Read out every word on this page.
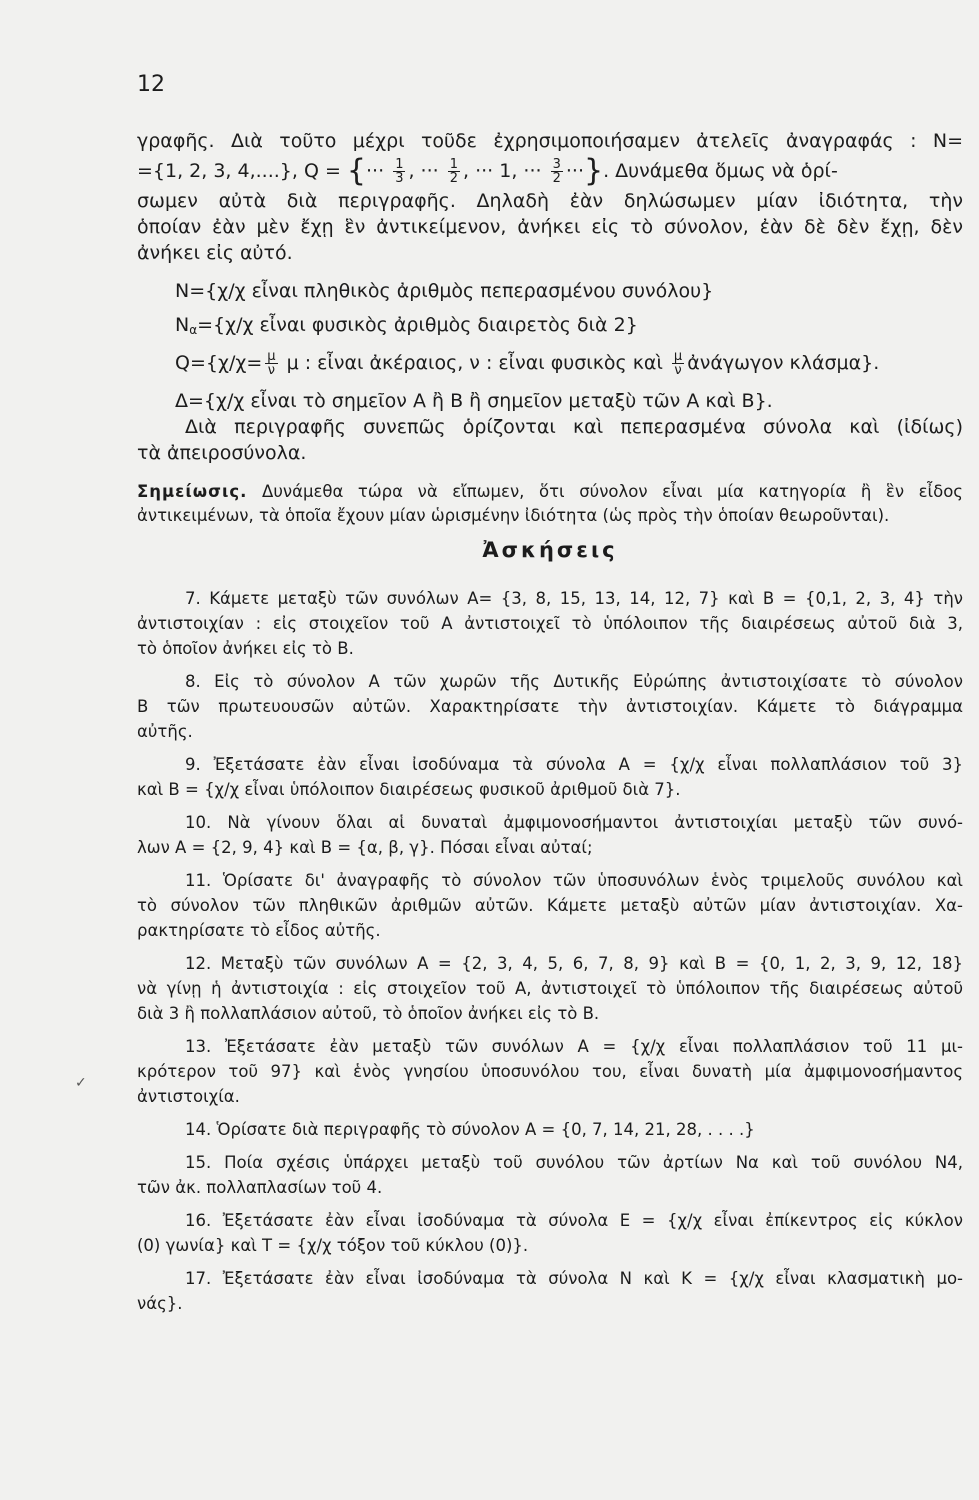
12
γραφῆς. Διὰ τοῦτο μέχρι τοῦδε ἐχρησιμοποιήσαμεν ἀτελεῖς ἀναγραφάς : N=
={1, 2, 3, 4,....}, Q = {··· $\frac{1}{3}$ , ··· $\frac{1}{2}$ , ··· 1, ··· $\frac{3}{2}$ ···}. Δυνάμεθα ὅμως νὰ ὁρί-
σωμεν αὐτὰ διὰ περιγραφῆς. Δηλαδὴ ἐὰν δηλώσωμεν μίαν ἰδιότητα, τὴν
ὁποίαν ἐὰν μὲν ἔχῃ ἓν ἀντικείμενον, ἀνήκει εἰς τὸ σύνολον, ἐὰν δὲ δὲν ἔχῃ, δὲν
ἀνήκει εἰς αὐτό.
N={χ/χ εἶναι πληθικὸς ἀριθμὸς πεπερασμένου συνόλου}
$N_\alpha=\{\chi/\chi$ εἶναι φυσικὸς ἀριθμὸς διαιρετὸς διὰ 2}
$Q=\{\chi/\chi= \frac{\mu}{\nu}$ μ : εἶναι ἀκέραιος, ν : εἶναι φυσικὸς καὶ $\frac{\mu}{\nu}$ ἀνάγωγον κλάσμα}.
Δ={χ/χ εἶναι τὸ σημεῖον Α ἢ Β ἢ σημεῖον μεταξὺ τῶν Α καὶ Β}.
Διὰ περιγραφῆς συνεπῶς ὁρίζονται καὶ πεπερασμένα σύνολα καὶ (ἰδίως)
τὰ ἀπειροσύνολα.
Σημείωσις. Δυνάμεθα τώρα νὰ εἴπωμεν, ὅτι σύνολον εἶναι μία κατηγορία ἢ ἓν εἶδος
ἀντικειμένων, τὰ ὁποῖα ἔχουν μίαν ὡρισμένην ἰδιότητα (ὡς πρὸς τὴν ὁποίαν θεωροῦνται).
Ἀσκήσεις
7. Κάμετε μεταξὺ τῶν συνόλων Α= {3, 8, 15, 13, 14, 12, 7} καὶ Β = {0,1, 2, 3, 4} τὴν
ἀντιστοιχίαν : εἰς στοιχεῖον τοῦ Α ἀντιστοιχεῖ τὸ ὑπόλοιπον τῆς διαιρέσεως αὐτοῦ διὰ 3,
τὸ ὁποῖον ἀνήκει εἰς τὸ Β.
8. Εἰς τὸ σύνολον Α τῶν χωρῶν τῆς Δυτικῆς Εὐρώπης ἀντιστοιχίσατε τὸ σύνολον
Β τῶν πρωτευουσῶν αὐτῶν. Χαρακτηρίσατε τὴν ἀντιστοιχίαν. Κάμετε τὸ διάγραμμα
αὐτῆς.
9. Ἐξετάσατε ἐὰν εἶναι ἰσοδύναμα τὰ σύνολα Α = {χ/χ εἶναι πολλαπλάσιον τοῦ 3}
καὶ Β = {χ/χ εἶναι ὑπόλοιπον διαιρέσεως φυσικοῦ ἀριθμοῦ διὰ 7}.
10. Νὰ γίνουν ὅλαι αἱ δυναταὶ ἀμφιμονοσήμαντοι ἀντιστοιχίαι μεταξὺ τῶν συνό-
λων Α = {2, 9, 4} καὶ Β = {α, β, γ}. Πόσαι εἶναι αὐταί;
11. Ὁρίσατε δι' ἀναγραφῆς τὸ σύνολον τῶν ὑποσυνόλων ἑνὸς τριμελοῦς συνόλου καὶ
τὸ σύνολον τῶν πληθικῶν ἀριθμῶν αὐτῶν. Κάμετε μεταξὺ αὐτῶν μίαν ἀντιστοιχίαν. Χα-
ρακτηρίσατε τὸ εἶδος αὐτῆς.
12. Μεταξὺ τῶν συνόλων Α = {2, 3, 4, 5, 6, 7, 8, 9} καὶ Β = {0, 1, 2, 3, 9, 12, 18}
νὰ γίνῃ ἡ ἀντιστοιχία : εἰς στοιχεῖον τοῦ Α, ἀντιστοιχεῖ τὸ ὑπόλοιπον τῆς διαιρέσεως αὐτοῦ
διὰ 3 ἢ πολλαπλάσιον αὐτοῦ, τὸ ὁποῖον ἀνήκει εἰς τὸ Β.
13. Ἐξετάσατε ἐὰν μεταξὺ τῶν συνόλων Α = {χ/χ εἶναι πολλαπλάσιον τοῦ 11 μι-
κρότερον τοῦ 97} καὶ ἑνὸς γνησίου ὑποσυνόλου του, εἶναι δυνατὴ μία ἀμφιμονοσήμαντος
ἀντιστοιχία.
14. Ὁρίσατε διὰ περιγραφῆς τὸ σύνολον Α = {0, 7, 14, 21, 28, . . . .}
15. Ποία σχέσις ὑπάρχει μεταξὺ τοῦ συνόλου τῶν ἀρτίων Nα καὶ τοῦ συνόλου N4,
τῶν ἀκ. πολλαπλασίων τοῦ 4.
16. Ἐξετάσατε ἐὰν εἶναι ἰσοδύναμα τὰ σύνολα Ε = {χ/χ εἶναι ἐπίκεντρος εἰς κύκλον
(0) γωνία} καὶ Τ = {χ/χ τόξον τοῦ κύκλου (0)}.
17. Ἐξετάσατε ἐὰν εἶναι ἰσοδύναμα τὰ σύνολα Ν καὶ Κ = {χ/χ εἶναι κλασματικὴ μο-
νάς}.
✓
